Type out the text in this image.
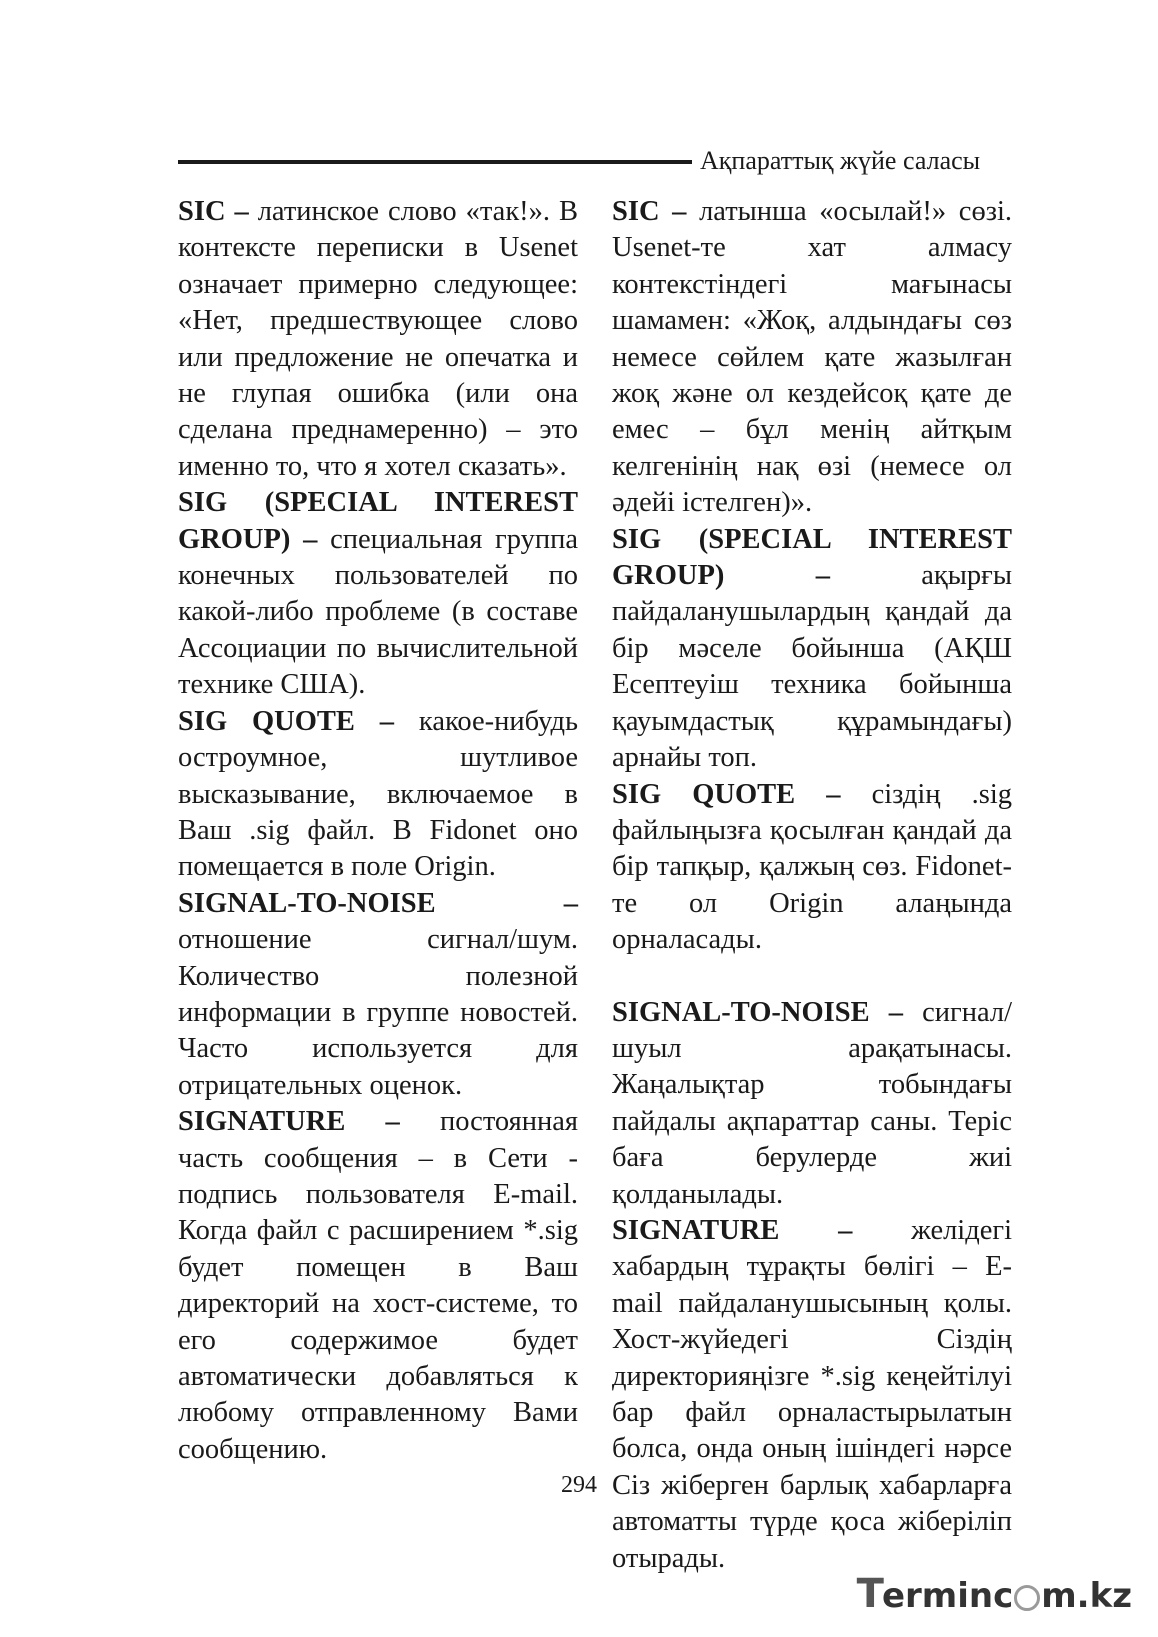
Ақпараттық жүйе саласы

SIC – латинское слово «так!». В контексте переписки в Usenet означает примерно следующее: «Нет, предшествующее слово или предложение не опечатка и не глупая ошибка (или она сделана преднамеренно) – это именно то, что я хотел сказать».

SIG (SPECIAL INTEREST GROUP) – специальная группа конечных пользователей по какой-либо проблеме (в составе Ассоциации по вычислительной технике США).

SIG QUOTE – какое-нибудь остроумное, шутливое высказывание, включаемое в Ваш .sig файл. В Fidonet оно помещается в поле Origin.

SIGNAL-TO-NOISE	– отношение сигнал/шум. Количество полезной информации в группе новостей. Часто используется для отрицательных оценок.

SIGNATURE – постоянная часть сообщения – в Сети - подпись пользователя E-mail. Когда файл с расширением *.sig будет помещен в Ваш директорий на хост-системе, то его содержимое будет автоматически добавляться к любому отправленному Вами сообщению.

SIC – латынша «осылай!» сөзі. Usenet-те хат алмасу контекстіндегі мағынасы шамамен: «Жоқ, алдындағы сөз немесе сөйлем қате жазылған жоқ және ол кездейсоқ қате де емес – бұл менің айтқым келгенінің нақ өзі (немесе ол әдейі істелген)».

SIG (SPECIAL INTEREST GROUP)	–	ақырғы пайдаланушылардың қандай да бір мәселе бойынша (АҚШ Есептеуіш техника бойынша қауымдастық құрамындағы) арнайы топ.

SIG QUOTE – сіздің .sig файлыңызға қосылған қандай да бір тапқыр, қалжың сөз. Fidonet-те ол Origin алаңында орналасады.

SIGNAL-TO-NOISE – сигнал/шуыл арақатынасы. Жаңалықтар тобындағы пайдалы ақпараттар саны. Теріс баға берулерде жиі қолданылады.

SIGNATURE – желідегі хабардың тұрақты бөлігі – E-mail пайдаланушысының қолы. Хост-жүйедегі Сіздің директорияңізге *.sig кеңейтілуі бар файл орналастырылатын болса, онда оның ішіндегі нәрсе Сіз жіберген барлық хабарларға автоматты түрде қоса жіберіліп отырады.

294
T erminc m.kz
